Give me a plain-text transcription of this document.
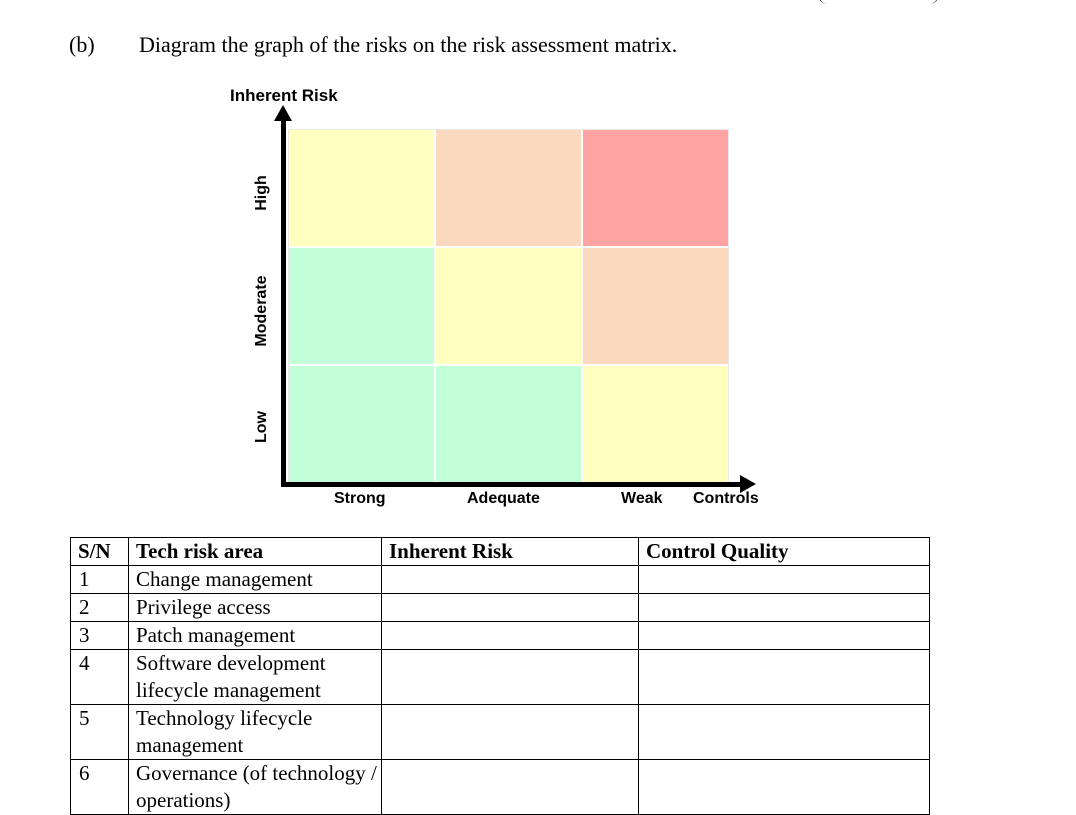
(b) Diagram the graph of the risks on the risk assessment matrix.
Inherent Risk
High
Moderate
Low
Strong	Adequate	Weak Controls
S/N	Tech risk area	Inherent Risk	Control Quality
1	Change management		
2	Privilege access		
3	Patch management		
4	Software development lifecycle management		
5	Technology lifecycle management		
6	Governance (of technology / operations)		
